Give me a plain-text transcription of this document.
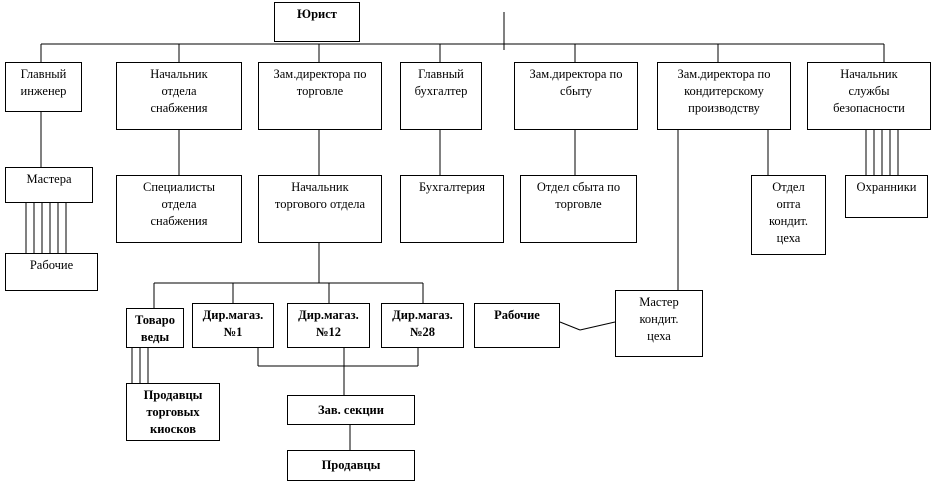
Юрист
Главный
инженер
Мастера
Рабочие
Начальник
отдела
снабжения
Специалисты
отдела
снабжения
Зам.директора по
торговле
Начальник
торгового отдела
Товаро
веды
Продавцы
торговых
киосков
Дир.магаз.
№1
Дир.магаз.
№12
Дир.магаз.
№28
Зав. секции
Продавцы
Главный
бухгалтер
Бухгалтерия
Зам.директора по
сбыту
Отдел сбыта по
торговле
Зам.директора по
кондитерскому
производству
Отдел
опта
кондит.
цеха
Мастер
кондит.
цеха
Рабочие
Начальник
службы
безопасности
Охранники
